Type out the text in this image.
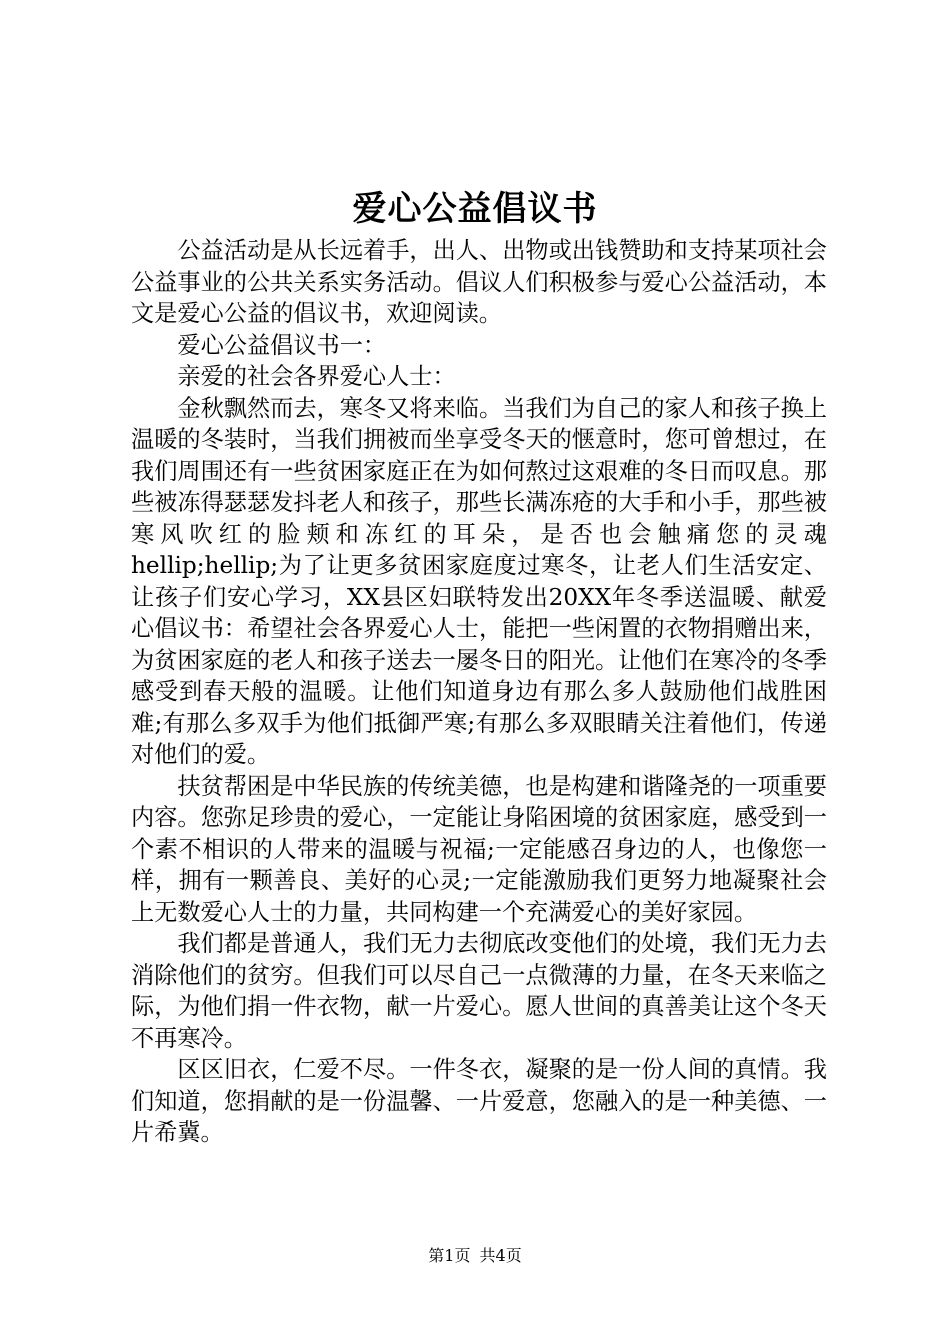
爱心公益倡议书

公益活动是从长远着手，出人、出物或出钱赞助和支持某项社会公益事业的公共关系实务活动。倡议人们积极参与爱心公益活动，本文是爱心公益的倡议书，欢迎阅读。

爱心公益倡议书一：

亲爱的社会各界爱心人士：

金秋飘然而去，寒冬又将来临。当我们为自己的家人和孩子换上温暖的冬装时，当我们拥被而坐享受冬天的惬意时，您可曾想过，在我们周围还有一些贫困家庭正在为如何熬过这艰难的冬日而叹息。那些被冻得瑟瑟发抖老人和孩子，那些长满冻疮的大手和小手，那些被寒风吹红的脸颊和冻红的耳朵，是否也会触痛您的灵魂hellip;hellip;为了让更多贫困家庭度过寒冬，让老人们生活安定、让孩子们安心学习，XX县区妇联特发出20XX年冬季送温暖、献爱心倡议书：希望社会各界爱心人士，能把一些闲置的衣物捐赠出来，为贫困家庭的老人和孩子送去一屡冬日的阳光。让他们在寒冷的冬季感受到春天般的温暖。让他们知道身边有那么多人鼓励他们战胜困难;有那么多双手为他们抵御严寒;有那么多双眼睛关注着他们，传递对他们的爱。

扶贫帮困是中华民族的传统美德，也是构建和谐隆尧的一项重要内容。您弥足珍贵的爱心，一定能让身陷困境的贫困家庭，感受到一个素不相识的人带来的温暖与祝福;一定能感召身边的人，也像您一样，拥有一颗善良、美好的心灵;一定能激励我们更努力地凝聚社会上无数爱心人士的力量，共同构建一个充满爱心的美好家园。

我们都是普通人，我们无力去彻底改变他们的处境，我们无力去消除他们的贫穷。但我们可以尽自己一点微薄的力量，在冬天来临之际，为他们捐一件衣物，献一片爱心。愿人世间的真善美让这个冬天不再寒冷。

区区旧衣，仁爱不尽。一件冬衣，凝聚的是一份人间的真情。我们知道，您捐献的是一份温馨、一片爱意，您融入的是一种美德、一片希冀。

第1页 共4页
